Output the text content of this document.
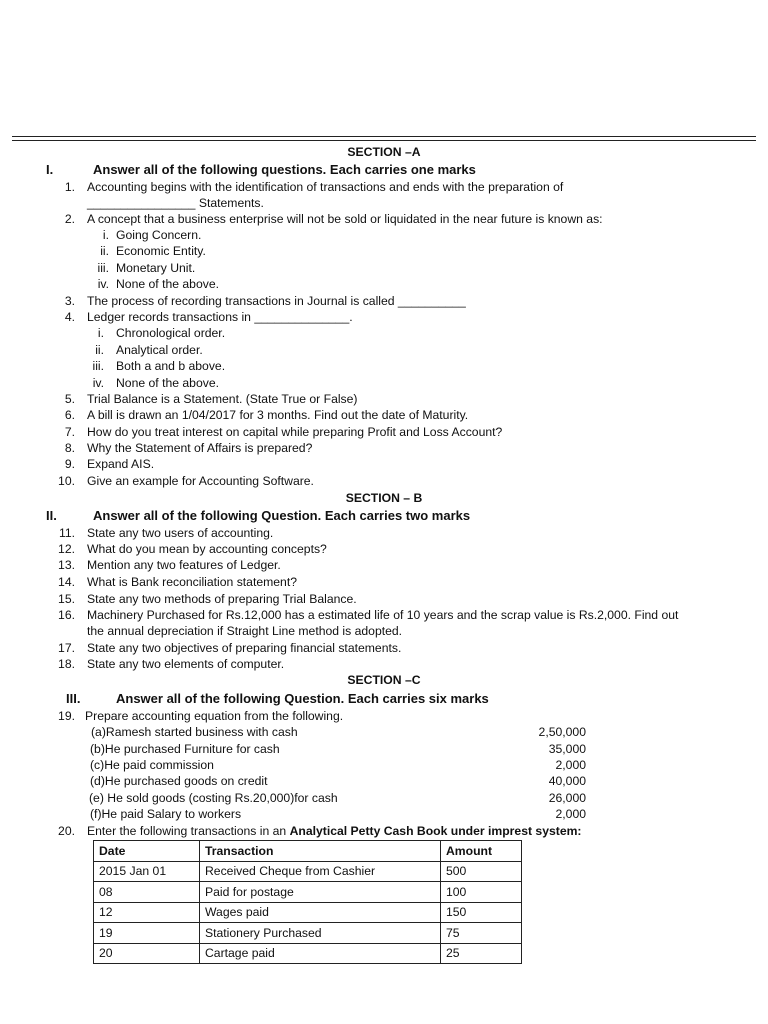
SECTION –A
I.	Answer all of the following questions. Each carries one marks
1. Accounting begins with the identification of transactions and ends with the preparation of
________________ Statements.
2. A concept that a business enterprise will not be sold or liquidated in the near future is known as:
i. Going Concern.
ii. Economic Entity.
iii. Monetary Unit.
iv. None of the above.
3. The process of recording transactions in Journal is called __________
4. Ledger records transactions in ______________.
i. Chronological order.
ii. Analytical order.
iii. Both a and b above.
iv. None of the above.
5. Trial Balance is a Statement. (State True or False)
6. A bill is drawn an 1/04/2017 for 3 months. Find out the date of Maturity.
7. How do you treat interest on capital while preparing Profit and Loss Account?
8. Why the Statement of Affairs is prepared?
9. Expand AIS.
10. Give an example for Accounting Software.
SECTION – B
II.	Answer all of the following Question. Each carries two marks
11. State any two users of accounting.
12. What do you mean by accounting concepts?
13. Mention any two features of Ledger.
14. What is Bank reconciliation statement?
15. State any two methods of preparing Trial Balance.
16. Machinery Purchased for Rs.12,000 has a estimated life of 10 years and the scrap value is Rs.2,000. Find out
the annual depreciation if Straight Line method is adopted.
17. State any two objectives of preparing financial statements.
18. State any two elements of computer.
SECTION –C
III.	Answer all of the following Question. Each carries six marks
19. Prepare accounting equation from the following.
(a)Ramesh started business with cash	2,50,000
(b)He purchased Furniture for cash	35,000
(c)He paid commission	2,000
(d)He purchased goods on credit	40,000
(e) He sold goods (costing Rs.20,000)for cash	26,000
(f)He paid Salary to workers	2,000
20. Enter the following transactions in an Analytical Petty Cash Book under imprest system:
Date	Transaction	Amount
2015 Jan 01	Received Cheque from Cashier	500
08	Paid for postage	100
12	Wages paid	150
19	Stationery Purchased	75
20	Cartage paid	25
